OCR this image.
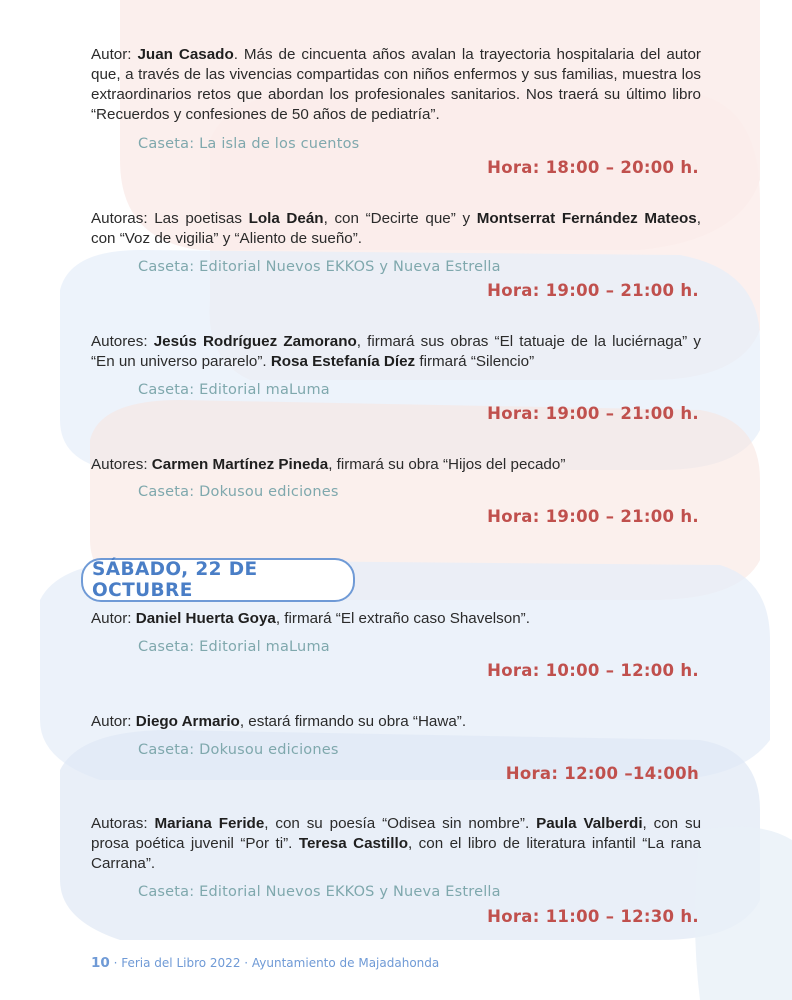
Autor: Juan Casado. Más de cincuenta años avalan la trayectoria hospitalaria del autor que, a través de las vivencias compartidas con niños enfermos y sus familias, muestra los extraordinarios retos que abordan los profesionales sanitarios. Nos traerá su último libro “Recuerdos y confesiones de 50 años de pediatría”.

Caseta: La isla de los cuentos
Hora: 18:00 – 20:00 h.

Autoras: Las poetisas Lola Deán, con “Decirte que” y Montserrat Fernández Mateos, con “Voz de vigilia” y “Aliento de sueño”.

Caseta: Editorial Nuevos EKKOS y Nueva Estrella
Hora: 19:00 – 21:00 h.

Autores: Jesús Rodríguez Zamorano, firmará sus obras “El tatuaje de la luciérnaga” y “En un universo pararelo”. Rosa Estefanía Díez firmará “Silencio”

Caseta: Editorial maLuma
Hora: 19:00 – 21:00 h.

Autores: Carmen Martínez Pineda, firmará su obra “Hijos del pecado”

Caseta: Dokusou ediciones
Hora: 19:00 – 21:00 h.
SÁBADO, 22 DE OCTUBRE

Autor: Daniel Huerta Goya, firmará “El extraño caso Shavelson”.

Caseta: Editorial maLuma
Hora: 10:00 – 12:00 h.

Autor: Diego Armario, estará firmando su obra “Hawa”.

Caseta: Dokusou ediciones
Hora: 12:00 –14:00h

Autoras: Mariana Feride, con su poesía “Odisea sin nombre”. Paula Valberdi, con su prosa poética juvenil “Por ti”. Teresa Castillo, con el libro de literatura infantil “La rana Carrana”.

Caseta: Editorial Nuevos EKKOS y Nueva Estrella
Hora: 11:00 – 12:30 h.
10 · Feria del Libro 2022 · Ayuntamiento de Majadahonda
